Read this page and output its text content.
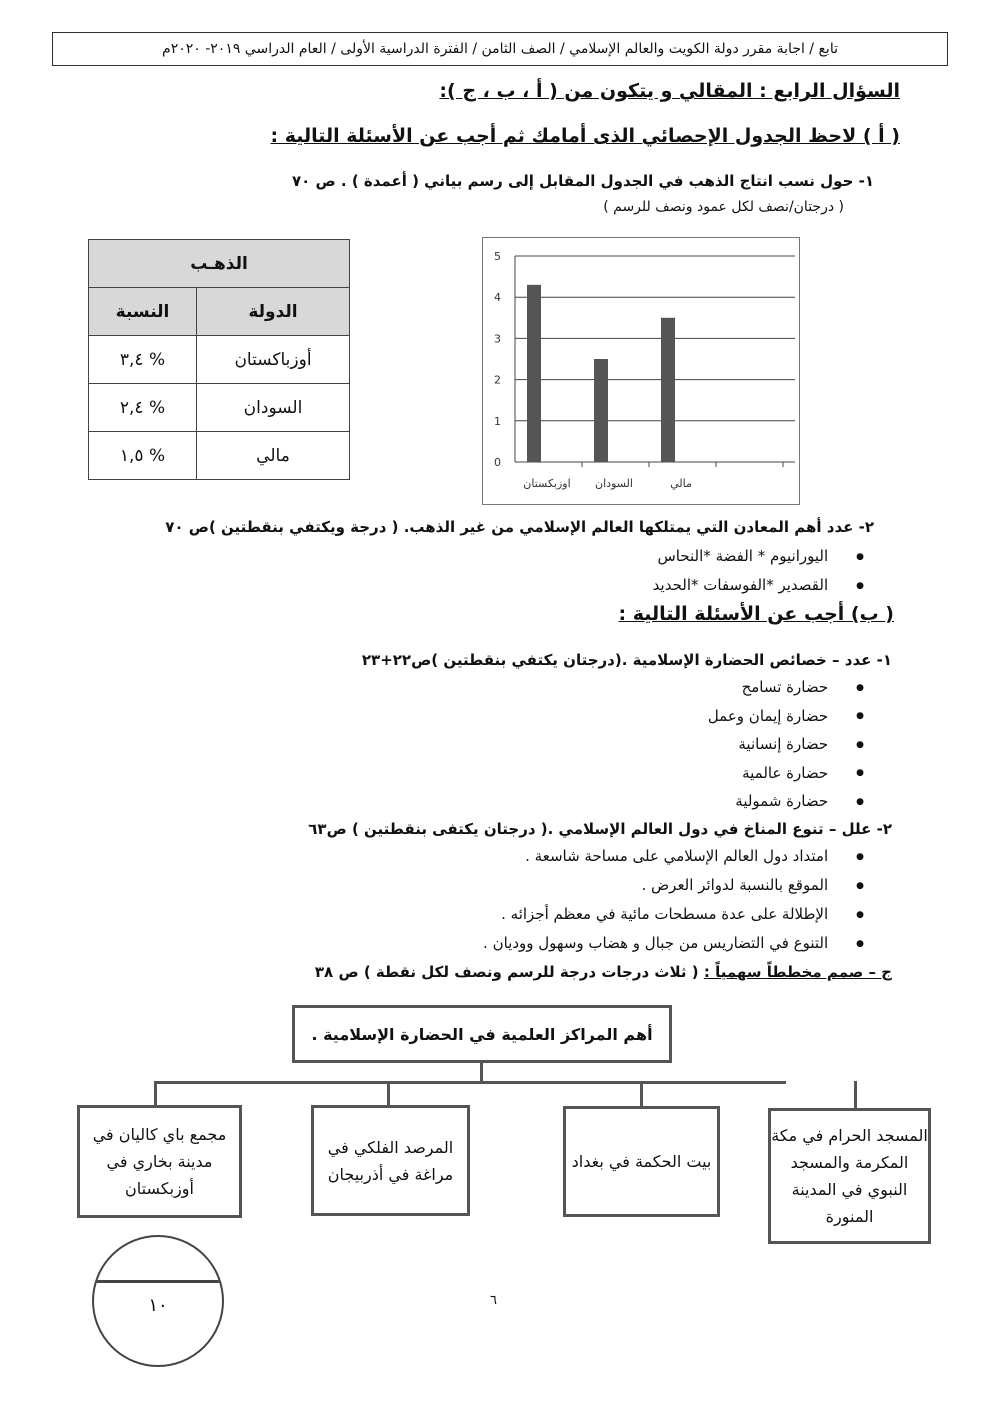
تابع / اجابة مقرر دولة الكويت والعالم الإسلامي / الصف الثامن / الفترة الدراسية الأولى / العام الدراسي ٢٠١٩- ٢٠٢٠م
السؤال الرابع : المقالي و يتكون من ( أ ، ب ، ج ):
( أ ) لاحظ الجدول الإحصائي الذى أمامك ثم أجب عن الأسئلة التالية :
١- حول نسب انتاج الذهب في الجدول المقابل إلى رسم بياني ( أعمدة ) . ص ٧٠
( درجتان/نصف لكل عمود ونصف للرسم )
الذهـب	
الدولة	النسبة
أوزباكستان	% ٣,٤
السودان	% ٢,٤
مالي	% ١,٥	0
1
2
3
4
5
اوزبكستان السودان	مالي
٢- عدد أهم المعادن التي يمتلكها العالم الإسلامي من غير الذهب. ( درجة ويكتفي بنقطتين )ص ٧٠
● اليورانيوم * الفضة *النحاس
● القصدير *الفوسفات *الحديد
( ب) أجب عن الأسئلة التالية :
١- عدد – خصائص الحضارة الإسلامية .(درجتان يكتفي بنقطتين )ص٢٢+٢٣
● حضارة تسامح
● حضارة إيمان وعمل
● حضارة إنسانية
● حضارة عالمية
● حضارة شمولية
٢- علل – تنوع المناخ في دول العالم الإسلامي .( درجتان يكتفى بنقطتين ) ص٦٣
● امتداد دول العالم الإسلامي على مساحة شاسعة .
● الموقع بالنسبة لدوائر العرض .
● الإطلالة على عدة مسطحات مائية في معظم أجزائه .
● التنوع في التضاريس من جبال و هضاب وسهول ووديان .
ج – صمم مخططاً سهمياً : ( ثلاث درجات درجة للرسم ونصف لكل نقطة ) ص ٣٨
أهم المراكز العلمية في الحضارة الإسلامية .
المسجد الحرام في مكة المكرمة والمسجد النبوي في المدينة المنورة
بيت الحكمة في بغداد
المرصد الفلكي في مراغة في أذربيجان
مجمع باي كاليان في مدينة بخاري في أوزبكستان
١٠	٦
